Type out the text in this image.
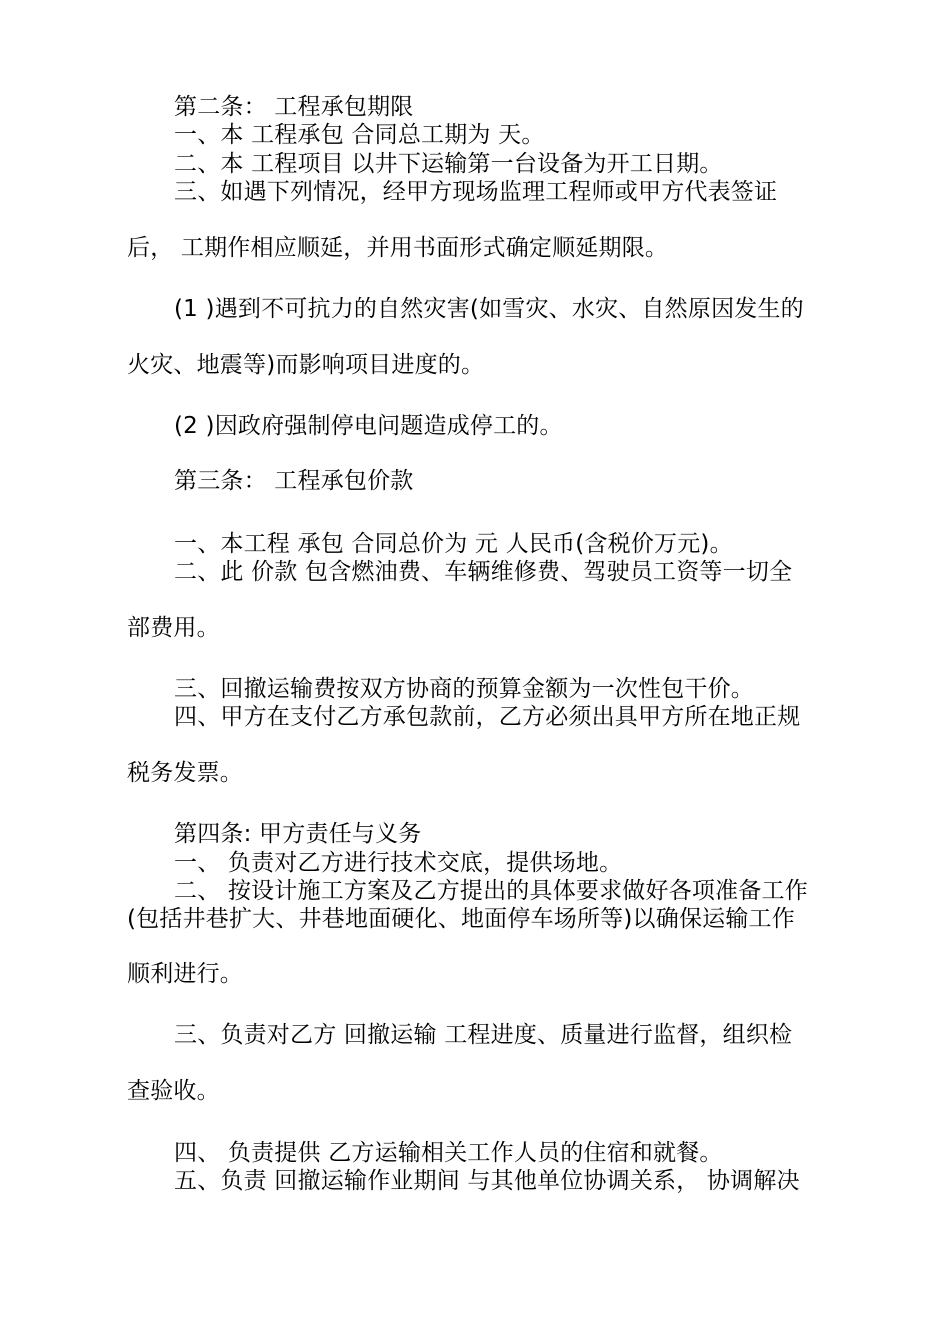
第二条： 工程承包期限

一、本 工程承包 合同总工期为 天。

二、本 工程项目 以井下运输第一台设备为开工日期。

三、如遇下列情况，经甲方现场监理工程师或甲方代表签证

后， 工期作相应顺延，并用书面形式确定顺延期限。

(1 )遇到不可抗力的自然灾害(如雪灾、水灾、自然原因发生的

火灾、地震等)而影响项目进度的。

(2 )因政府强制停电问题造成停工的。

第三条： 工程承包价款

一、本工程 承包 合同总价为 元 人民币(含税价万元)。

二、此 价款 包含燃油费、车辆维修费、驾驶员工资等一切全

部费用。

三、回撤运输费按双方协商的预算金额为一次性包干价。

四、甲方在支付乙方承包款前，乙方必须出具甲方所在地正规

税务发票。

第四条: 甲方责任与义务

一、 负责对乙方进行技术交底，提供场地。

二、 按设计施工方案及乙方提出的具体要求做好各项准备工作

(包括井巷扩大、井巷地面硬化、地面停车场所等)以确保运输工作

顺利进行。

三、负责对乙方 回撤运输 工程进度、质量进行监督，组织检

查验收。

四、 负责提供 乙方运输相关工作人员的住宿和就餐。

五、负责 回撤运输作业期间 与其他单位协调关系， 协调解决
